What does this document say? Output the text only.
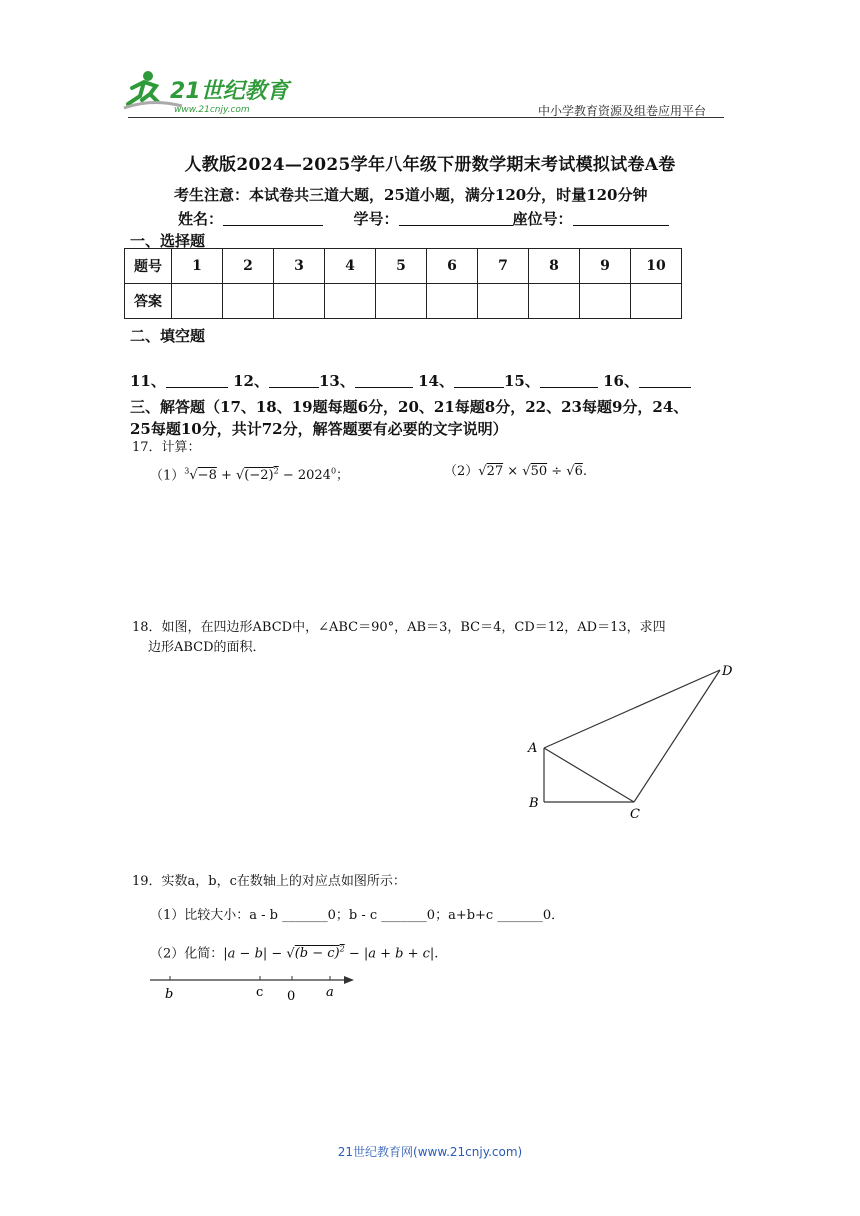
21世纪教育
www.21cnjy.com	中小学教育资源及组卷应用平台
人教版2024—2025学年八年级下册数学期末考试模拟试卷A卷
考生注意：本试卷共三道大题，25道小题，满分120分，时量120分钟
姓名：	学号：	座位号：
一、选择题
题号	1	2	3	4	5	6	7	8	9	10
答案										
二、填空题
11、	12、	13、	14、	15、	16、
三、解答题（17、18、19题每题6分，20、21每题8分，22、23每题9分，24、
25每题10分，共计72分，解答题要有必要的文字说明）
17．计算：
$(1)^3√-8 + √(-2)^2 - 2024^0$；	（2）√27 × √50 ÷ √6.
18．如图，在四边形ABCD中，∠ABC＝90°，AB＝3，BC＝4，CD＝12，AD＝13，求四
边形ABCD的面积．
A
B
C
D
19．实数a，b，c在数轴上的对应点如图所示：
（1）比较大小：a - b _______0；b - c _______0；a+b+c _______0．
（2）化简：$|a - b| - √(b - c)^2 - |a + b + c|$.
b	c 0 a
21世纪教育网(www.21cnjy.com)
